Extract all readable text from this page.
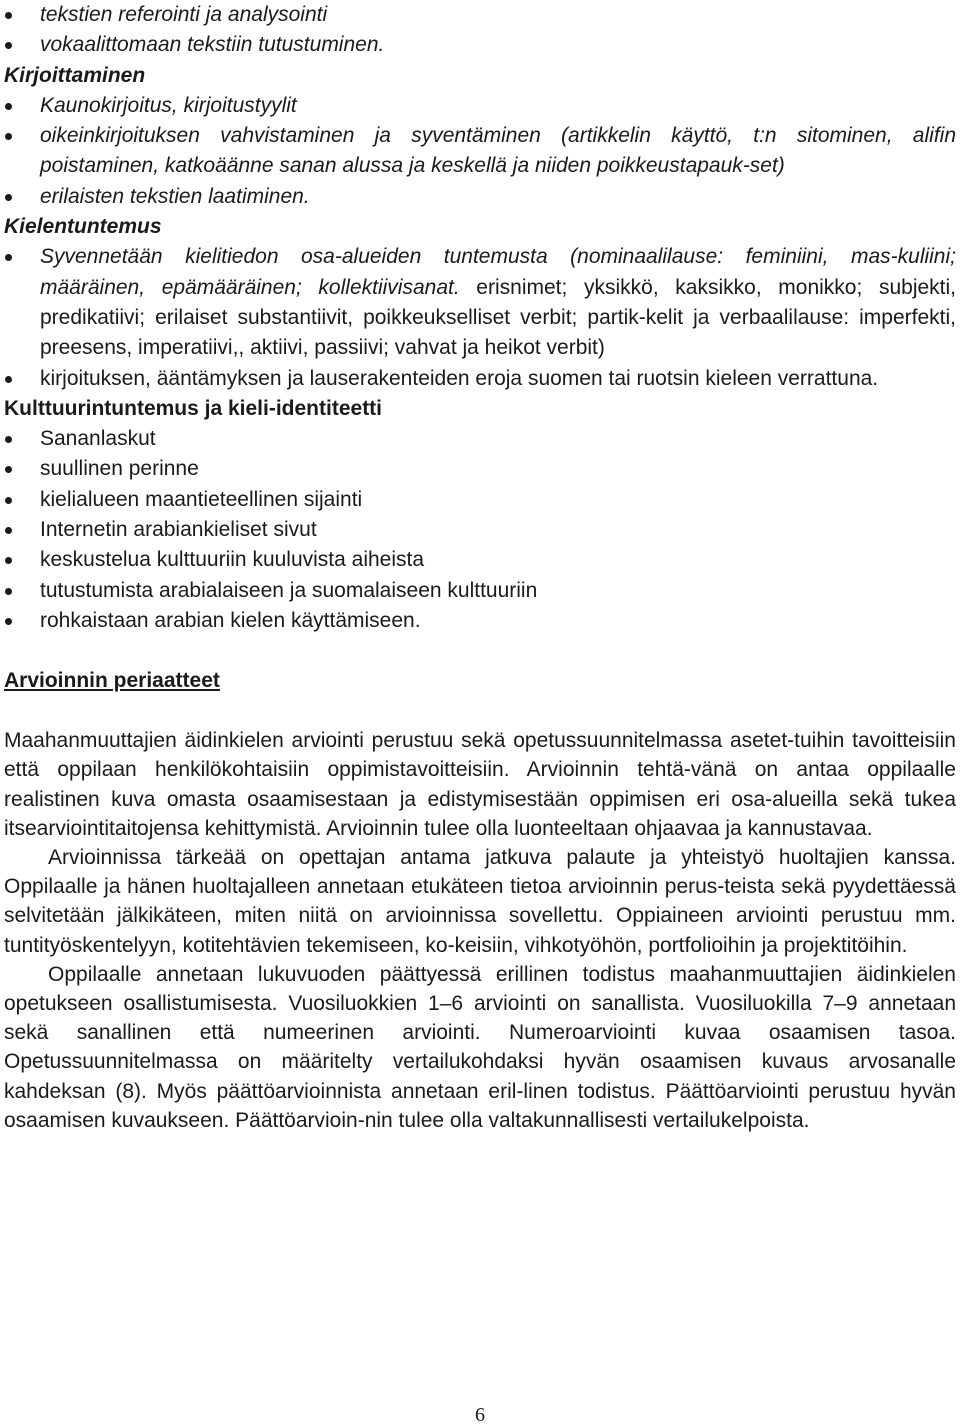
tekstien referointi ja analysointi
vokaalittomaan tekstiin tutustuminen.

Kirjoittaminen

Kaunokirjoitus, kirjoitustyylit
oikeinkirjoituksen vahvistaminen ja syventäminen (artikkelin käyttö, t:n sitominen, alifin poistaminen, katkoäänne sanan alussa ja keskellä ja niiden poikkeustapauk-set)
erilaisten tekstien laatiminen.

Kielentuntemus

Syvennetään kielitiedon osa-alueiden tuntemusta (nominaalilause: feminiini, mas-kuliini; määräinen, epämääräinen; kollektiivisanat. erisnimet; yksikkö, kaksikko, monikko; subjekti, predikatiivi; erilaiset substantiivit, poikkeukselliset verbit; partik-kelit ja verbaalilause: imperfekti, preesens, imperatiivi,, aktiivi, passiivi; vahvat ja heikot verbit)
kirjoituksen, ääntämyksen ja lauserakenteiden eroja suomen tai ruotsin kieleen verrattuna.

Kulttuurintuntemus ja kieli-identiteetti

Sananlaskut
suullinen perinne
kielialueen maantieteellinen sijainti
Internetin arabiankieliset sivut
keskustelua kulttuuriin kuuluvista aiheista
tutustumista arabialaiseen ja suomalaiseen kulttuuriin
rohkaistaan arabian kielen käyttämiseen.

Arvioinnin periaatteet

Maahanmuuttajien äidinkielen arviointi perustuu sekä opetussuunnitelmassa asetet-tuihin tavoitteisiin että oppilaan henkilökohtaisiin oppimistavoitteisiin. Arvioinnin tehtä-vänä on antaa oppilaalle realistinen kuva omasta osaamisestaan ja edistymisestään oppimisen eri osa-alueilla sekä tukea itsearviointitaitojensa kehittymistä. Arvioinnin tulee olla luonteeltaan ohjaavaa ja kannustavaa.

Arvioinnissa tärkeää on opettajan antama jatkuva palaute ja yhteistyö huoltajien kanssa. Oppilaalle ja hänen huoltajalleen annetaan etukäteen tietoa arvioinnin perus-teista sekä pyydettäessä selvitetään jälkikäteen, miten niitä on arvioinnissa sovellettu. Oppiaineen arviointi perustuu mm. tuntityöskentelyyn, kotitehtävien tekemiseen, ko-keisiin, vihkotyöhön, portfolioihin ja projektitöihin.

Oppilaalle annetaan lukuvuoden päättyessä erillinen todistus maahanmuuttajien äidinkielen opetukseen osallistumisesta. Vuosiluokkien 1–6 arviointi on sanallista. Vuosiluokilla 7–9 annetaan sekä sanallinen että numeerinen arviointi. Numeroarviointi kuvaa osaamisen tasoa. Opetussuunnitelmassa on määritelty vertailukohdaksi hyvän osaamisen kuvaus arvosanalle kahdeksan (8). Myös päättöarvioinnista annetaan eril-linen todistus. Päättöarviointi perustuu hyvän osaamisen kuvaukseen. Päättöarvioin-nin tulee olla valtakunnallisesti vertailukelpoista.

6
